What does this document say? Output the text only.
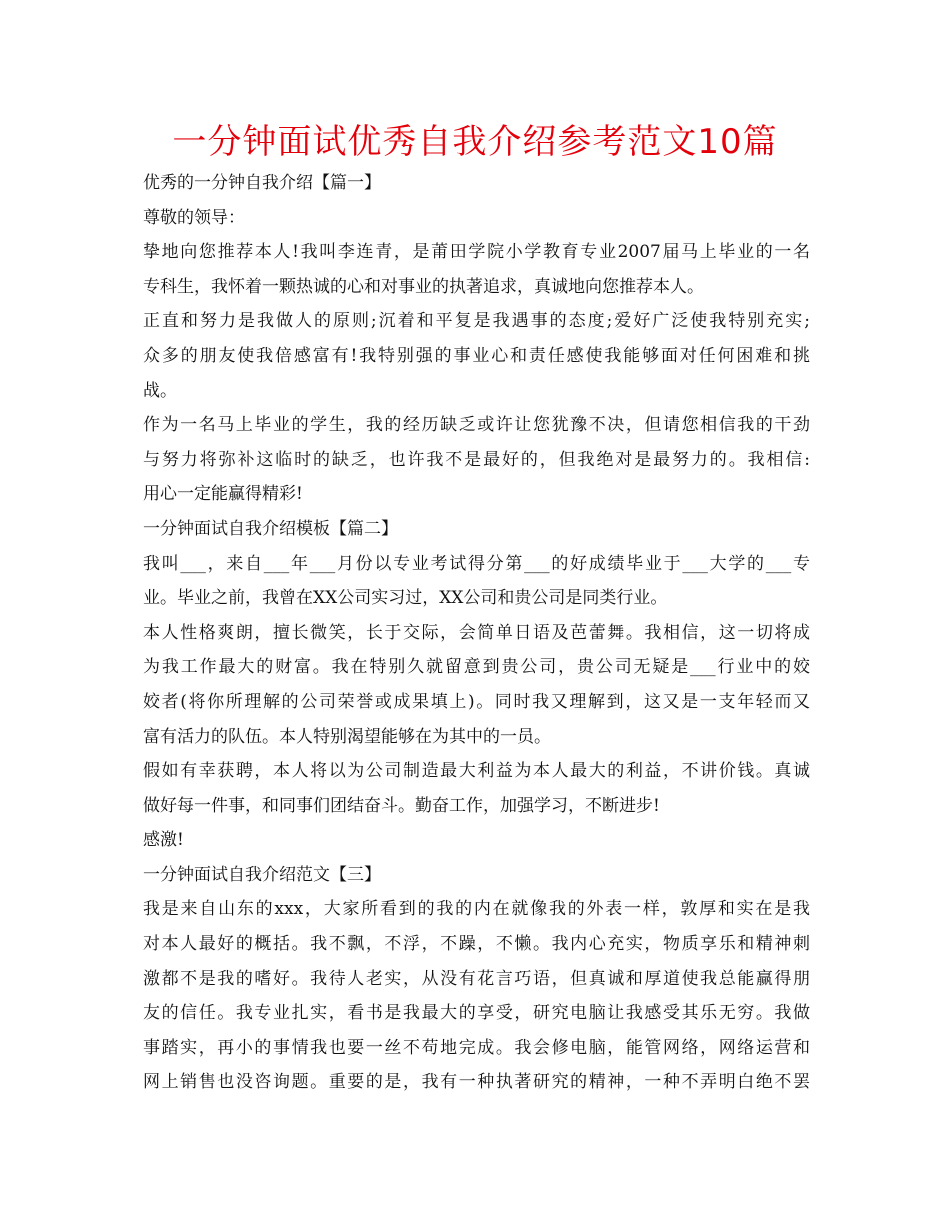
一分钟面试优秀自我介绍参考范文10篇
优秀的一分钟自我介绍【篇一】
尊敬的领导：
挚地向您推荐本人!我叫李连青，是莆田学院小学教育专业2007届马上毕业的一名
专科生，我怀着一颗热诚的心和对事业的执著追求，真诚地向您推荐本人。
正直和努力是我做人的原则;沉着和平复是我遇事的态度;爱好广泛使我特别充实;
众多的朋友使我倍感富有!我特别强的事业心和责任感使我能够面对任何困难和挑
战。
作为一名马上毕业的学生，我的经历缺乏或许让您犹豫不决，但请您相信我的干劲
与努力将弥补这临时的缺乏，也许我不是最好的，但我绝对是最努力的。我相信:
用心一定能赢得精彩!
一分钟面试自我介绍模板【篇二】
我叫___，来自___年___月份以专业考试得分第___的好成绩毕业于___大学的___专
业。毕业之前，我曾在XX公司实习过，XX公司和贵公司是同类行业。
本人性格爽朗，擅长微笑，长于交际，会简单日语及芭蕾舞。我相信，这一切将成
为我工作最大的财富。我在特别久就留意到贵公司，贵公司无疑是___行业中的姣
姣者(将你所理解的公司荣誉或成果填上)。同时我又理解到，这又是一支年轻而又
富有活力的队伍。本人特别渴望能够在为其中的一员。
假如有幸获聘，本人将以为公司制造最大利益为本人最大的利益，不讲价钱。真诚
做好每一件事，和同事们团结奋斗。勤奋工作，加强学习，不断进步!
感激!
一分钟面试自我介绍范文【三】
我是来自山东的xxx，大家所看到的我的内在就像我的外表一样，敦厚和实在是我
对本人最好的概括。我不飘，不浮，不躁，不懒。我内心充实，物质享乐和精神刺
激都不是我的嗜好。我待人老实，从没有花言巧语，但真诚和厚道使我总能赢得朋
友的信任。我专业扎实，看书是我最大的享受，研究电脑让我感受其乐无穷。我做
事踏实，再小的事情我也要一丝不苟地完成。我会修电脑，能管网络，网络运营和
网上销售也没咨询题。重要的是，我有一种执著研究的精神，一种不弄明白绝不罢
